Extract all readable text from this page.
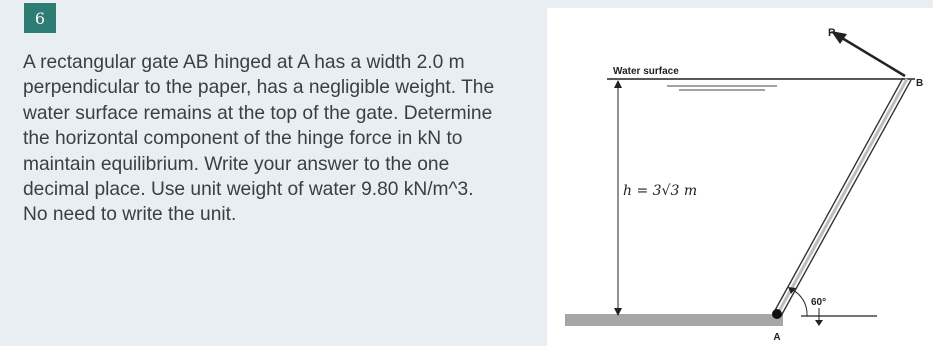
6

A rectangular gate AB hinged at A has a width 2.0 m perpendicular to the paper, has a negligible weight. The water surface remains at the top of the gate. Determine the horizontal component of the hinge force in kN to maintain equilibrium. Write your answer to the one decimal place. Use unit weight of water 9.80 kN/m^3. No need to write the unit.

Water surface
h = 3√3 m
A
B
P
60°
